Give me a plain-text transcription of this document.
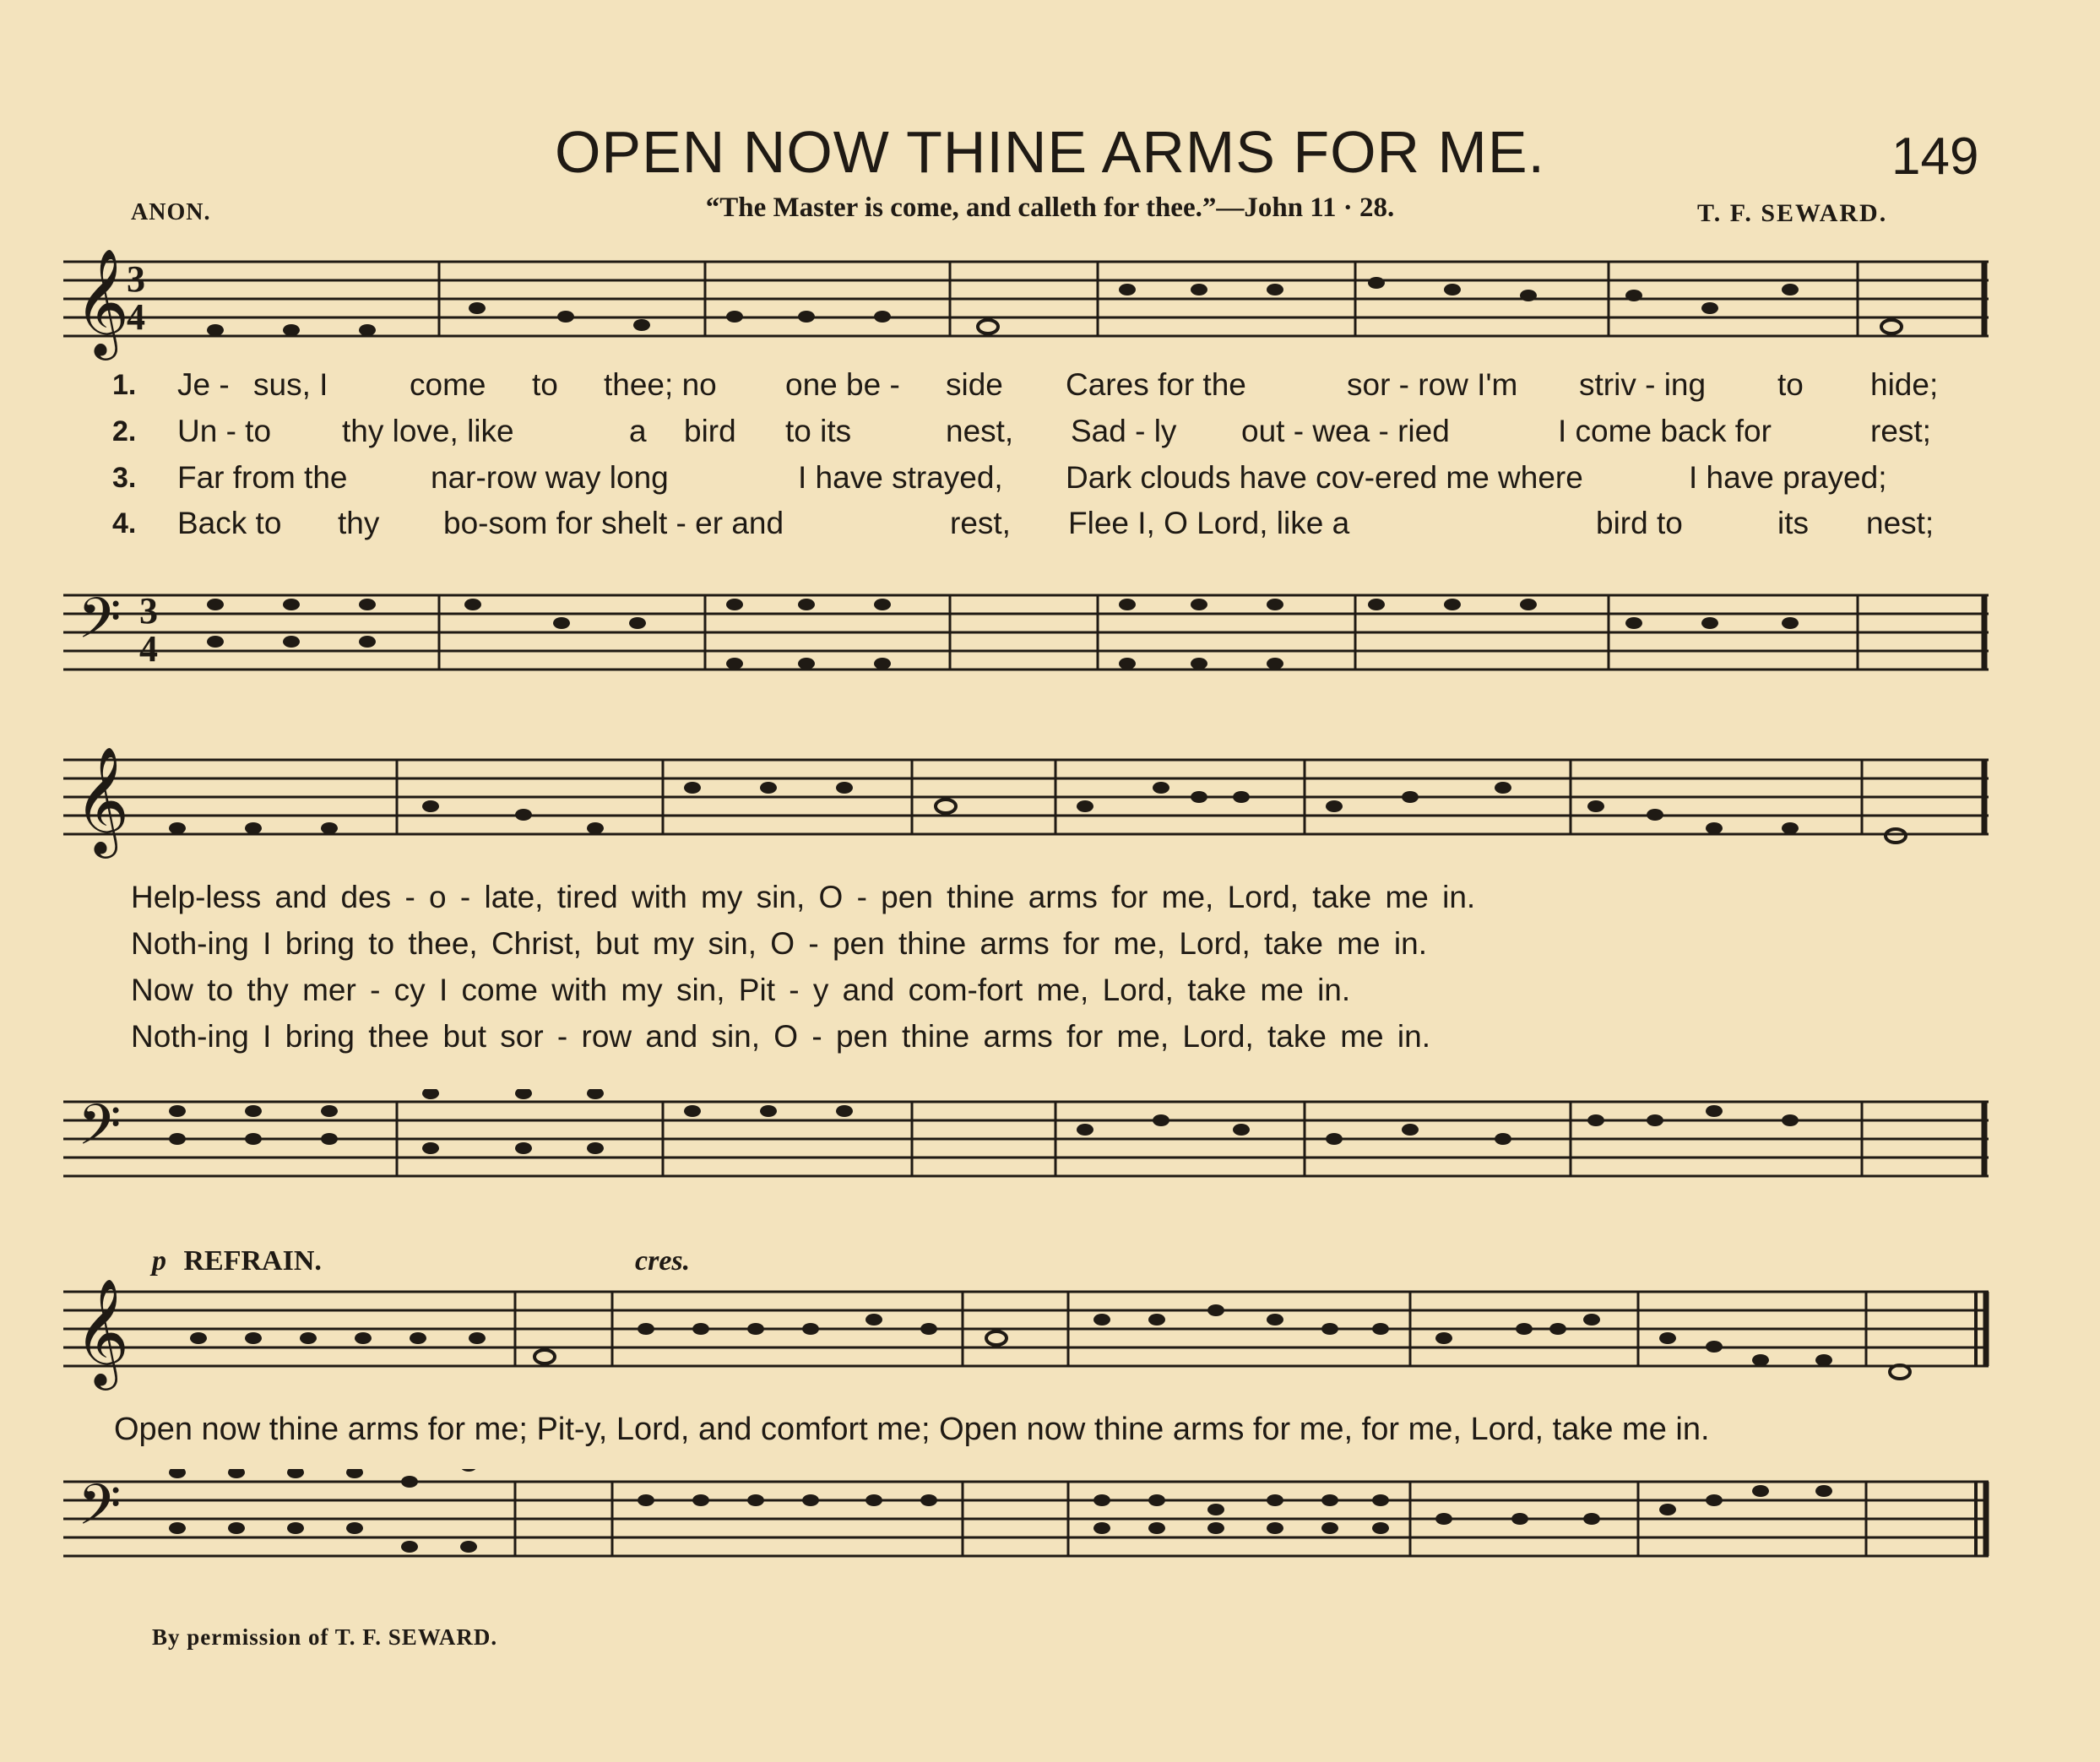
OPEN NOW THINE ARMS FOR ME.	149
ANON.	“The Master is come, and calleth for thee.”—John 11 · 28.	T. F. SEWARD.
𝄞
3
4
1.
2.
3.
4.
Je - sus, I	come to thee; no one be - side Cares for the	sor - row I'm striv - ing to hide;
Un - to thy love, like	a bird to its	nest, Sad - ly out - wea - ried	I come back for	rest;
Far from the	nar-row way long	I have strayed, Dark clouds have cov-ered me where	I have prayed;
Back to thy bo-som for shelt - er and	rest, Flee I, O Lord, like a	bird to	its nest;
𝄢 3
4
𝄞
Help-less and des - o - late, tired with my sin, O - pen thine arms for me, Lord, take me in.
Noth-ing I bring to thee, Christ, but my sin, O - pen thine arms for me, Lord, take me in.
Now to thy mer - cy I come with my sin, Pit - y and com-fort me, Lord, take me in.
Noth-ing I bring thee but sor - row and sin, O - pen thine arms for me, Lord, take me in.
𝄢
p REFRAIN.	cres.
𝄞
Open now thine arms for me; Pit-y, Lord, and comfort me; Open now thine arms for me, for me, Lord, take me in.
𝄢
By permission of T. F. SEWARD.
